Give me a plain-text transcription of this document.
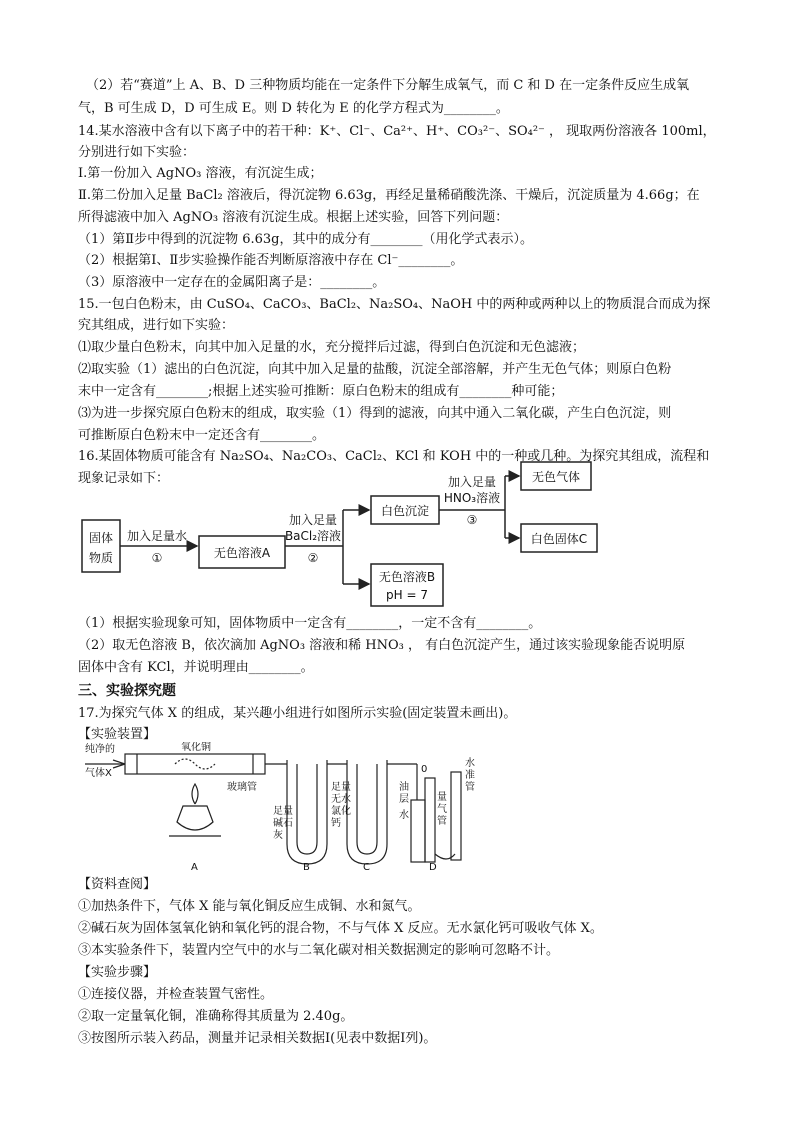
（2）若“赛道”上 A、B、D 三种物质均能在一定条件下分解生成氧气，而 C 和 D 在一定条件反应生成氧
气，B 可生成 D，D 可生成 E。则 D 转化为 E 的化学方程式为________。
14.某水溶液中含有以下离子中的若干种：K⁺、Cl⁻、Ca²⁺、H⁺、CO₃²⁻、SO₄²⁻ ， 现取两份溶液各 100ml，
分别进行如下实验：
Ⅰ.第一份加入 AgNO₃ 溶液，有沉淀生成；
Ⅱ.第二份加入足量 BaCl₂ 溶液后，得沉淀物 6.63g，再经足量稀硝酸洗涤、干燥后，沉淀质量为 4.66g；在
所得滤液中加入 AgNO₃ 溶液有沉淀生成。根据上述实验，回答下列问题：
（1）第Ⅱ步中得到的沉淀物 6.63g，其中的成分有________（用化学式表示）。
（2）根据第Ⅰ、Ⅱ步实验操作能否判断原溶液中存在 Cl⁻________。
（3）原溶液中一定存在的金属阳离子是：________。
15.一包白色粉末，由 CuSO₄、CaCO₃、BaCl₂、Na₂SO₄、NaOH 中的两种或两种以上的物质混合而成为探
究其组成，进行如下实验：
⑴取少量白色粉末，向其中加入足量的水，充分搅拌后过滤，得到白色沉淀和无色滤液；
⑵取实验（1）滤出的白色沉淀，向其中加入足量的盐酸，沉淀全部溶解，并产生无色气体；则原白色粉
末中一定含有________;根据上述实验可推断：原白色粉末的组成有________种可能；
⑶为进一步探究原白色粉末的组成，取实验（1）得到的滤液，向其中通入二氧化碳，产生白色沉淀，则
可推断原白色粉末中一定还含有________。
16.某固体物质可能含有 Na₂SO₄、Na₂CO₃、CaCl₂、KCl 和 KOH 中的一种或几种。为探究其组成，流程和
现象记录如下：
固体
物质
加入足量水
①	无色溶液A
加入足量
BaCl₂溶液
②
白色沉淀
加入足量
HNO₃溶液
③
无色气体
白色固体C
无色溶液B
pH = 7
（1）根据实验现象可知，固体物质中一定含有________，一定不含有________。
（2）取无色溶液 B，依次滴加 AgNO₃ 溶液和稀 HNO₃ ， 有白色沉淀产生，通过该实验现象能否说明原
固体中含有 KCl，并说明理由________。
三、实验探究题
17.为探究气体 X 的组成，某兴趣小组进行如图所示实验(固定装置未画出)。
【实验装置】
纯净的
气体X
氧化铜
玻璃管
足量
碱石
灰
足量
无水
氯化
钙
油
层
水
0
量
气
管
水
准
管
A	B	C	D
【资料查阅】
①加热条件下，气体 X 能与氧化铜反应生成铜、水和氮气。
②碱石灰为固体氢氧化钠和氧化钙的混合物，不与气体 X 反应。无水氯化钙可吸收气体 X。
③本实验条件下，装置内空气中的水与二氧化碳对相关数据测定的影响可忽略不计。
【实验步骤】
①连接仪器，并检查装置气密性。
②取一定量氧化铜，准确称得其质量为 2.40g。
③按图所示装入药品，测量并记录相关数据Ⅰ(见表中数据Ⅰ列)。
